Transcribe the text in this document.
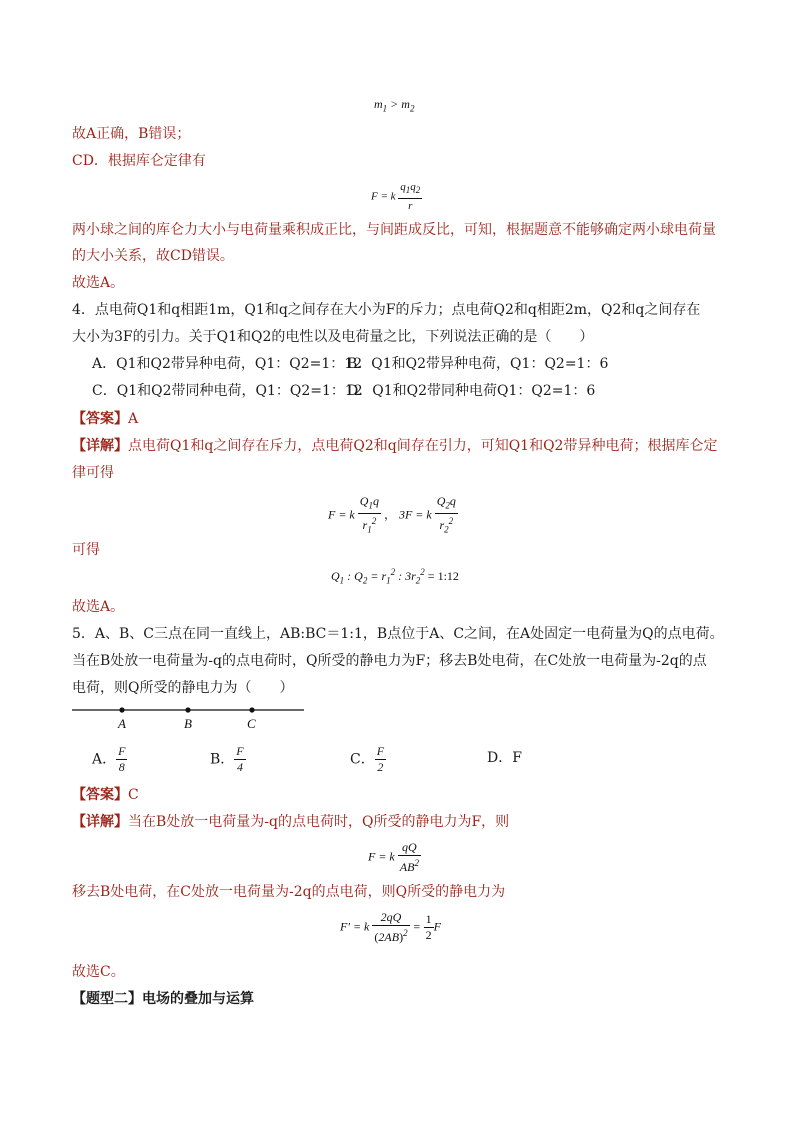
$m_1 > m_2$
故A正确，B错误；
CD．根据库仑定律有
F = k $\frac{q_1q_2}{r}$
两小球之间的库仑力大小与电荷量乘积成正比，与间距成反比，可知，根据题意不能够确定两小球电荷量
的大小关系，故CD错误。
故选A。
4．点电荷Q1和q相距1m，Q1和q之间存在大小为F的斥力；点电荷Q2和q相距2m，Q2和q之间存在
大小为3F的引力。关于Q1和Q2的电性以及电荷量之比，下列说法正确的是（　　）
A．Q1和Q2带异种电荷，Q1：Q2=1：12
B．Q1和Q2带异种电荷，Q1：Q2=1：6
C．Q1和Q2带同种电荷，Q1：Q2=1：12
D．Q1和Q2带同种电荷Q1：Q2=1：6
【答案】A
【详解】点电荷Q1和q之间存在斥力，点电荷Q2和q间存在引力，可知Q1和Q2带异种电荷；根据库仑定
律可得
F = k $\frac{Q_1q}{r_1^2}$ ， 3F = k $\frac{Q_2q}{r_2^2}$
可得
$Q_1$ : $Q_2 = r_1^2$ : $3r_2^2$ = 1:12
故选A。
5．A、B、C三点在同一直线上，AB:BC＝1:1，B点位于A、C之间，在A处固定一电荷量为Q的点电荷。
当在B处放一电荷量为-q的点电荷时，Q所受的静电力为F；移去B处电荷，在C处放一电荷量为-2q的点
电荷，则Q所受的静电力为（　　）
A	B	C
A． $\frac{F}{8}$	B． $\frac{F}{4}$	C． $\frac{F}{2}$	D．F
【答案】C
【详解】当在B处放一电荷量为-q的点电荷时，Q所受的静电力为F，则
F = k $\frac{qQ}{AB^2}$
移去B处电荷，在C处放一电荷量为-2q的点电荷，则Q所受的静电力为
F′ = k $\frac{2qQ}{(2AB)^2} = \frac{1}{2}$ F
故选C。
【题型二】电场的叠加与运算
